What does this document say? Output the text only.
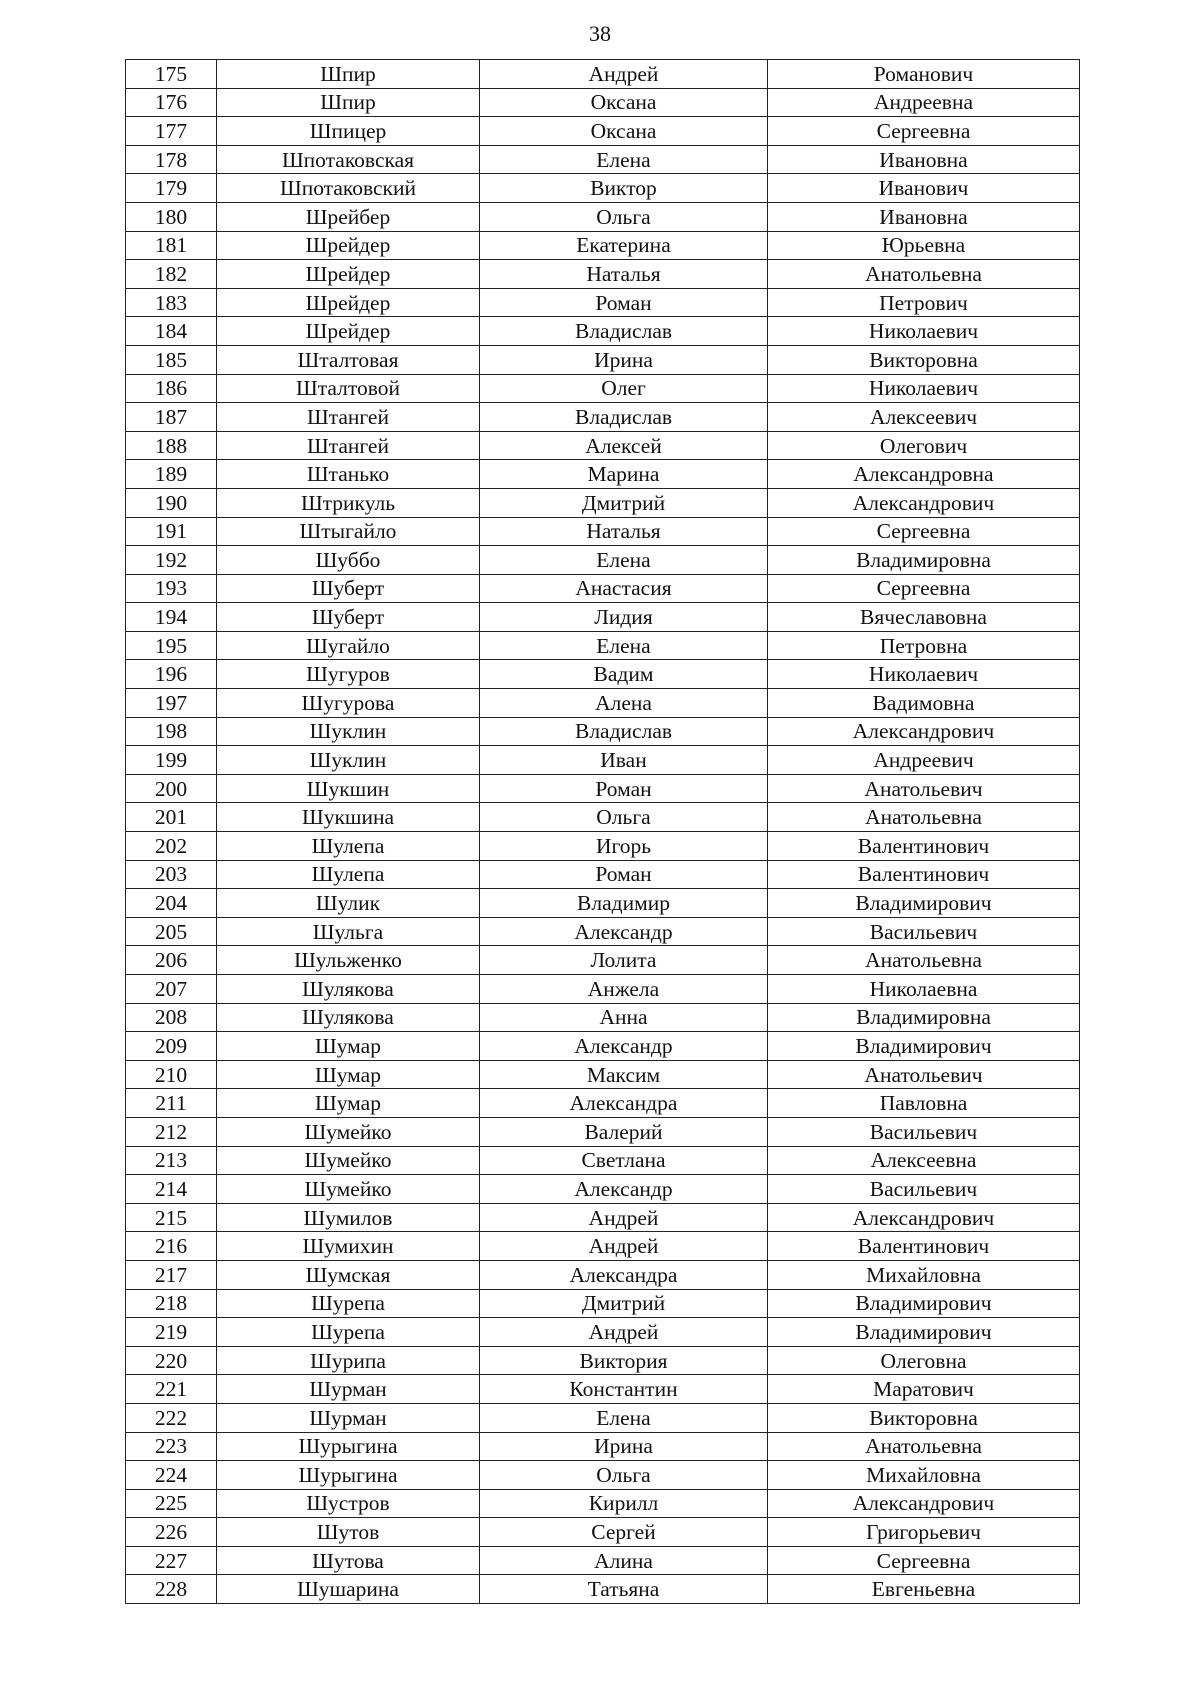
38
175	Шпир	Андрей	Романович
176	Шпир	Оксана	Андреевна
177	Шпицер	Оксана	Сергеевна
178	Шпотаковская	Елена	Ивановна
179	Шпотаковский	Виктор	Иванович
180	Шрейбер	Ольга	Ивановна
181	Шрейдер	Екатерина	Юрьевна
182	Шрейдер	Наталья	Анатольевна
183	Шрейдер	Роман	Петрович
184	Шрейдер	Владислав	Николаевич
185	Шталтовая	Ирина	Викторовна
186	Шталтовой	Олег	Николаевич
187	Штангей	Владислав	Алексеевич
188	Штангей	Алексей	Олегович
189	Штанько	Марина	Александровна
190	Штрикуль	Дмитрий	Александрович
191	Штыгайло	Наталья	Сергеевна
192	Шуббо	Елена	Владимировна
193	Шуберт	Анастасия	Сергеевна
194	Шуберт	Лидия	Вячеславовна
195	Шугайло	Елена	Петровна
196	Шугуров	Вадим	Николаевич
197	Шугурова	Алена	Вадимовна
198	Шуклин	Владислав	Александрович
199	Шуклин	Иван	Андреевич
200	Шукшин	Роман	Анатольевич
201	Шукшина	Ольга	Анатольевна
202	Шулепа	Игорь	Валентинович
203	Шулепа	Роман	Валентинович
204	Шулик	Владимир	Владимирович
205	Шульга	Александр	Васильевич
206	Шульженко	Лолита	Анатольевна
207	Шулякова	Анжела	Николаевна
208	Шулякова	Анна	Владимировна
209	Шумар	Александр	Владимирович
210	Шумар	Максим	Анатольевич
211	Шумар	Александра	Павловна
212	Шумейко	Валерий	Васильевич
213	Шумейко	Светлана	Алексеевна
214	Шумейко	Александр	Васильевич
215	Шумилов	Андрей	Александрович
216	Шумихин	Андрей	Валентинович
217	Шумская	Александра	Михайловна
218	Шурепа	Дмитрий	Владимирович
219	Шурепа	Андрей	Владимирович
220	Шурипа	Виктория	Олеговна
221	Шурман	Константин	Маратович
222	Шурман	Елена	Викторовна
223	Шурыгина	Ирина	Анатольевна
224	Шурыгина	Ольга	Михайловна
225	Шустров	Кирилл	Александрович
226	Шутов	Сергей	Григорьевич
227	Шутова	Алина	Сергеевна
228	Шушарина	Татьяна	Евгеньевна
